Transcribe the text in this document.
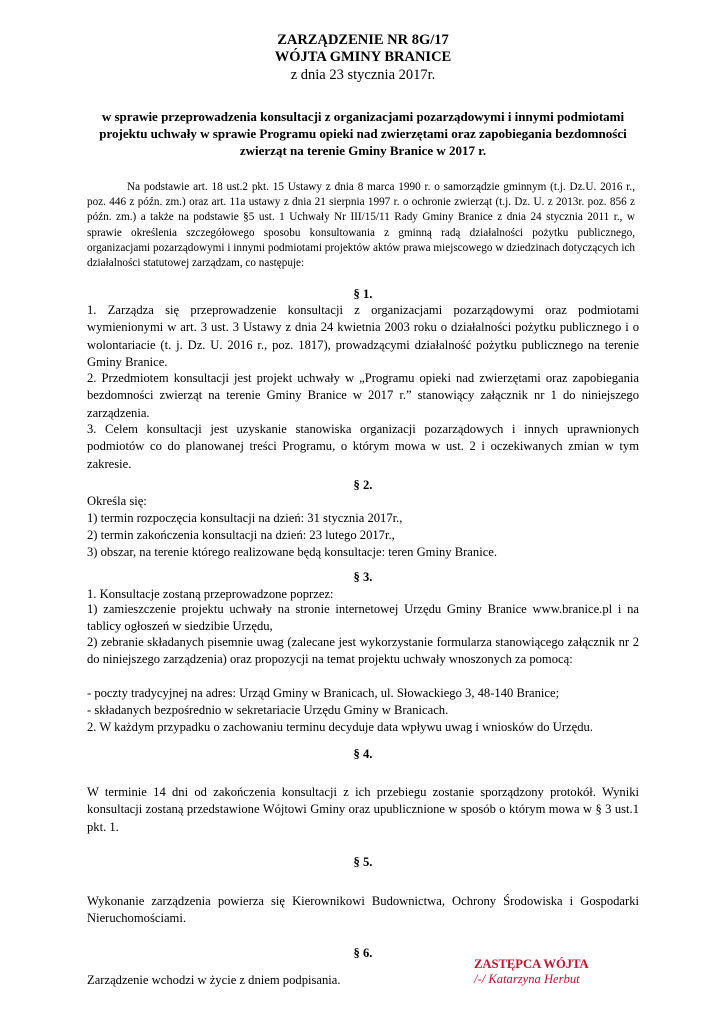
ZARZĄDZENIE NR 8G/17

WÓJTA GMINY BRANICE

z dnia 23 stycznia 2017r.

w sprawie przeprowadzenia konsultacji z organizacjami pozarządowymi i innymi podmiotami projektu uchwały w sprawie Programu opieki nad zwierzętami oraz zapobiegania bezdomności zwierząt na terenie Gminy Branice w 2017 r.

Na podstawie art. 18 ust.2 pkt. 15 Ustawy z dnia 8 marca 1990 r. o samorządzie gminnym (t.j. Dz.U. 2016 r., poz. 446 z późn. zm.) oraz art. 11a ustawy z dnia 21 sierpnia 1997 r. o ochronie zwierząt (t.j. Dz. U. z 2013r. poz. 856 z późn. zm.) a także na podstawie §5 ust. 1 Uchwały Nr III/15/11 Rady Gminy Branice z dnia 24 stycznia 2011 r., w sprawie określenia szczegółowego sposobu konsultowania z gminną radą działalności pożytku publicznego, organizacjami pozarządowymi i innymi podmiotami projektów aktów prawa miejscowego w dziedzinach dotyczących ich działalności statutowej zarządzam, co następuje:

§ 1.

1. Zarządza się przeprowadzenie konsultacji z organizacjami pozarządowymi oraz podmiotami wymienionymi w art. 3 ust. 3 Ustawy z dnia 24 kwietnia 2003 roku o działalności pożytku publicznego i o wolontariacie (t. j. Dz. U. 2016 r., poz. 1817), prowadzącymi działalność pożytku publicznego na terenie Gminy Branice.

2. Przedmiotem konsultacji jest projekt uchwały w „Programu opieki nad zwierzętami oraz zapobiegania bezdomności zwierząt na terenie Gminy Branice w 2017 r.” stanowiący załącznik nr 1 do niniejszego zarządzenia.

3. Celem konsultacji jest uzyskanie stanowiska organizacji pozarządowych i innych uprawnionych podmiotów co do planowanej treści Programu, o którym mowa w ust. 2 i oczekiwanych zmian w tym zakresie.

§ 2.

Określa się:

1) termin rozpoczęcia konsultacji na dzień: 31 stycznia 2017r.,

2) termin zakończenia konsultacji na dzień: 23 lutego 2017r.,

3) obszar, na terenie którego realizowane będą konsultacje: teren Gminy Branice.

§ 3.

1. Konsultacje zostaną przeprowadzone poprzez:

1) zamieszczenie projektu uchwały na stronie internetowej Urzędu Gminy Branice www.branice.pl i na tablicy ogłoszeń w siedzibie Urzędu,

2) zebranie składanych pisemnie uwag (zalecane jest wykorzystanie formularza stanowiącego załącznik nr 2 do niniejszego zarządzenia) oraz propozycji na temat projektu uchwały wnoszonych za pomocą:

- poczty tradycyjnej na adres: Urząd Gminy w Branicach, ul. Słowackiego 3, 48-140 Branice;

- składanych bezpośrednio w sekretariacie Urzędu Gminy w Branicach.

2. W każdym przypadku o zachowaniu terminu decyduje data wpływu uwag i wniosków do Urzędu.

§ 4.

W terminie 14 dni od zakończenia konsultacji z ich przebiegu zostanie sporządzony protokół. Wyniki konsultacji zostaną przedstawione Wójtowi Gminy oraz upublicznione w sposób o którym mowa w § 3 ust.1 pkt. 1.

§ 5.

Wykonanie zarządzenia powierza się Kierownikowi Budownictwa, Ochrony Środowiska i Gospodarki Nieruchomościami.

§ 6.

Zarządzenie wchodzi w życie z dniem podpisania.

ZASTĘPCA WÓJTA

/-/ Katarzyna Herbut
